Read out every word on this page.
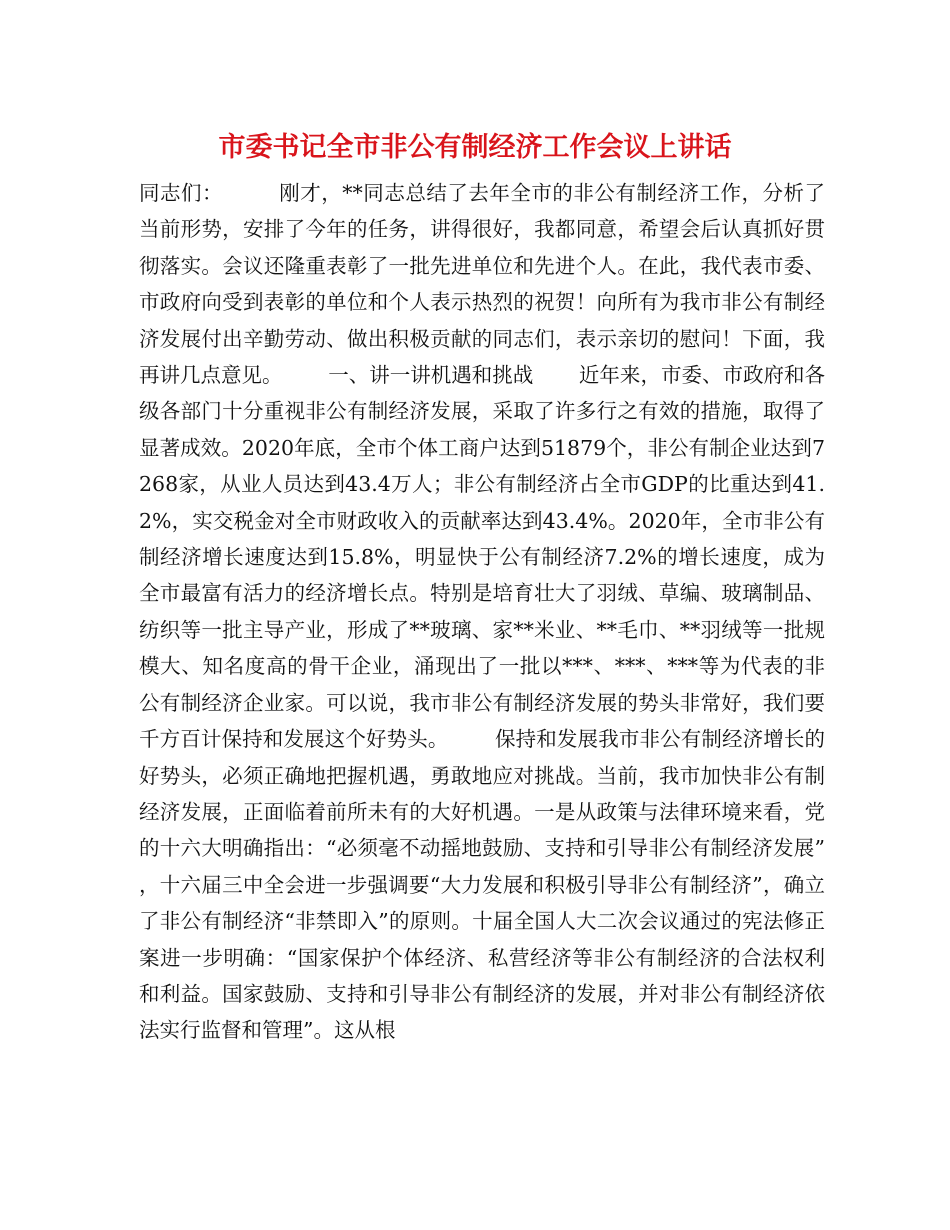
市委书记全市非公有制经济工作会议上讲话

同志们：	刚才，**同志总结了去年全市的非公有制经济工作，分析了当前形势，安排了今年的任务，讲得很好，我都同意，希望会后认真抓好贯彻落实。会议还隆重表彰了一批先进单位和先进个人。在此，我代表市委、市政府向受到表彰的单位和个人表示热烈的祝贺！向所有为我市非公有制经济发展付出辛勤劳动、做出积极贡献的同志们，表示亲切的慰问！下面，我再讲几点意见。 一、讲一讲机遇和挑战 近年来，市委、市政府和各级各部门十分重视非公有制经济发展，采取了许多行之有效的措施，取得了显著成效。2020年底，全市个体工商户达到51879个，非公有制企业达到7268家，从业人员达到43.4万人；非公有制经济占全市GDP的比重达到41.2%，实交税金对全市财政收入的贡献率达到43.4%。2020年，全市非公有制经济增长速度达到15.8%，明显快于公有制经济7.2%的增长速度，成为全市最富有活力的经济增长点。特别是培育壮大了羽绒、草编、玻璃制品、纺织等一批主导产业，形成了**玻璃、家**米业、**毛巾、**羽绒等一批规模大、知名度高的骨干企业，涌现出了一批以***、***、***等为代表的非公有制经济企业家。可以说，我市非公有制经济发展的势头非常好，我们要千方百计保持和发展这个好势头。 保持和发展我市非公有制经济增长的好势头，必须正确地把握机遇，勇敢地应对挑战。当前，我市加快非公有制经济发展，正面临着前所未有的大好机遇。一是从政策与法律环境来看，党的十六大明确指出：“必须毫不动摇地鼓励、支持和引导非公有制经济发展”，十六届三中全会进一步强调要“大力发展和积极引导非公有制经济”，确立了非公有制经济“非禁即入”的原则。十届全国人大二次会议通过的宪法修正案进一步明确：“国家保护个体经济、私营经济等非公有制经济的合法权利和利益。国家鼓励、支持和引导非公有制经济的发展，并对非公有制经济依法实行监督和管理”。这从根
